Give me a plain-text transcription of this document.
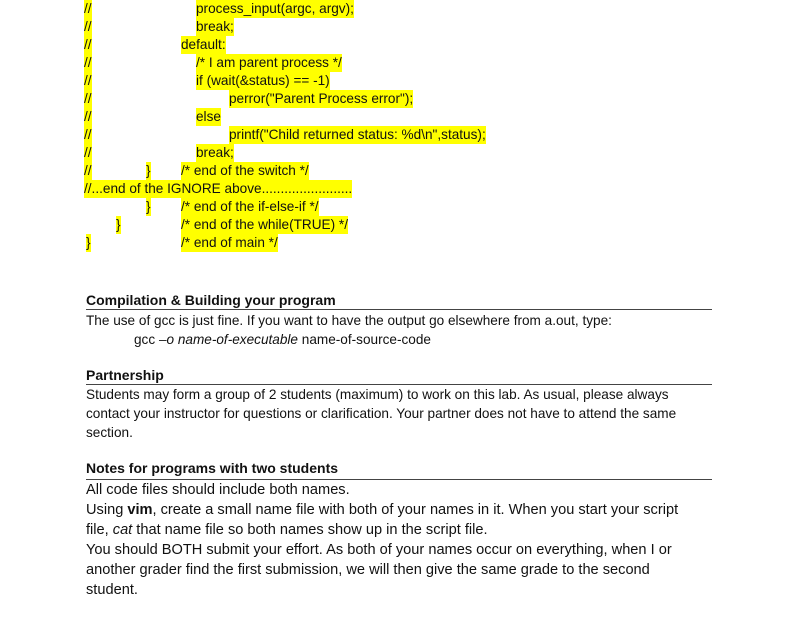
//
//
//
//
//
//
//
//
//
//
process_input(argc, argv);
break;
default:
/* I am parent process */
if (wait(&status) == -1)
perror("Parent Process error");
else
printf("Child returned status: %d\n",status);
break;
} /* end of the switch */
//...end of the IGNORE above........................
} /* end of the if-else-if */
}	/* end of the while(TRUE) */
}	/* end of main */
Compilation & Building your program
The use of gcc is just fine. If you want to have the output go elsewhere from a.out, type:
gcc –o name-of-executable name-of-source-code
Partnership
Students may form a group of 2 students (maximum) to work on this lab. As usual, please always
contact your instructor for questions or clarification. Your partner does not have to attend the same
section.
Notes for programs with two students
All code files should include both names.
Using vim, create a small name file with both of your names in it. When you start your script
file, cat that name file so both names show up in the script file.
You should BOTH submit your effort. As both of your names occur on everything, when I or
another grader find the first submission, we will then give the same grade to the second
student.
